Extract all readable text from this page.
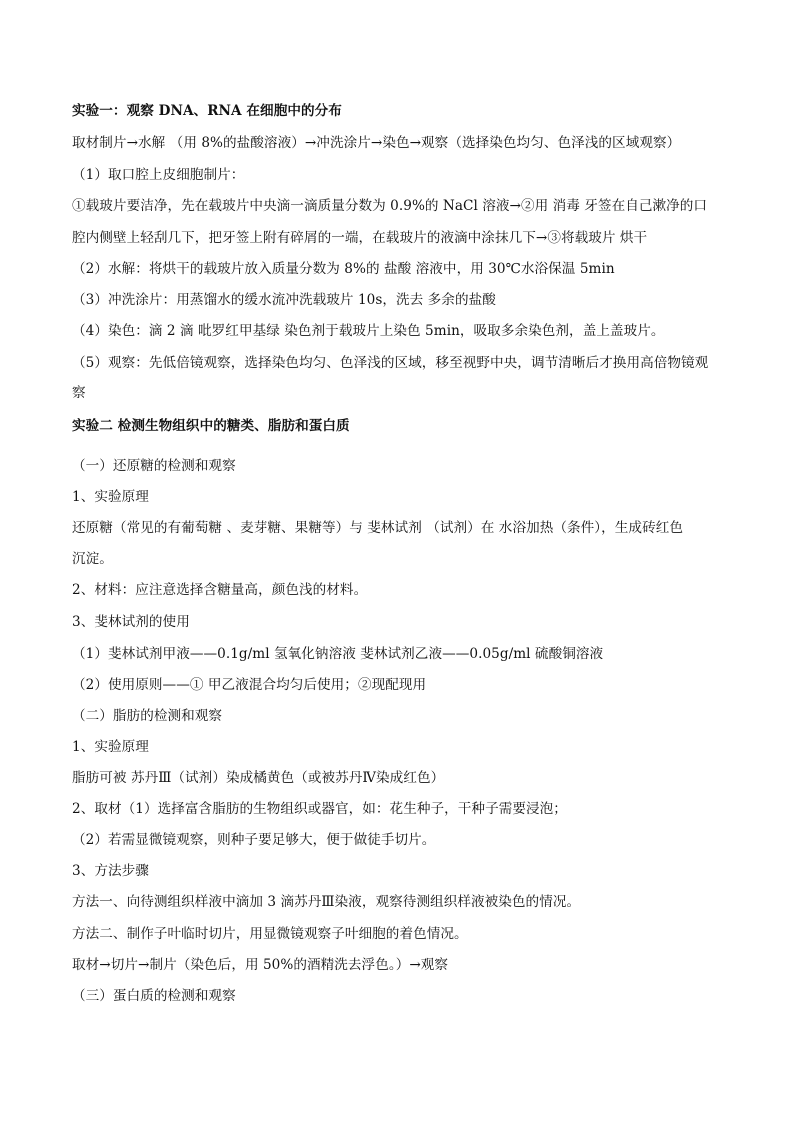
实验一：观察 DNA、RNA 在细胞中的分布
取材制片→水解 （用 8%的盐酸溶液）→冲洗涂片→染色→观察（选择染色均匀、色泽浅的区域观察）
（1）取口腔上皮细胞制片：
①载玻片要洁净，先在载玻片中央滴一滴质量分数为 0.9%的 NaCl 溶液→②用 消毒 牙签在自己漱净的口
腔内侧壁上轻刮几下，把牙签上附有碎屑的一端，在载玻片的液滴中涂抹几下→③将载玻片 烘干
（2）水解：将烘干的载玻片放入质量分数为 8%的 盐酸 溶液中，用 30℃水浴保温 5min
（3）冲洗涂片：用蒸馏水的缓水流冲洗载玻片 10s，洗去 多余的盐酸
（4）染色：滴 2 滴 吡罗红甲基绿 染色剂于载玻片上染色 5min，吸取多余染色剂，盖上盖玻片。
（5）观察：先低倍镜观察，选择染色均匀、色泽浅的区域，移至视野中央，调节清晰后才换用高倍物镜观
察
实验二 检测生物组织中的糖类、脂肪和蛋白质
（一）还原糖的检测和观察
1、实验原理
还原糖（常见的有葡萄糖 、麦芽糖、果糖等）与 斐林试剂 （试剂）在 水浴加热（条件），生成砖红色
沉淀。
2、材料：应注意选择含糖量高，颜色浅的材料。
3、斐林试剂的使用
（1）斐林试剂甲液——0.1g/ml 氢氧化钠溶液 斐林试剂乙液——0.05g/ml 硫酸铜溶液
（2）使用原则——① 甲乙液混合均匀后使用；②现配现用
（二）脂肪的检测和观察
1、实验原理
脂肪可被 苏丹Ⅲ（试剂）染成橘黄色（或被苏丹Ⅳ染成红色）
2、取材（1）选择富含脂肪的生物组织或器官，如：花生种子，干种子需要浸泡；
（2）若需显微镜观察，则种子要足够大，便于做徒手切片。
3、方法步骤
方法一、向待测组织样液中滴加 3 滴苏丹Ⅲ染液，观察待测组织样液被染色的情况。
方法二、制作子叶临时切片，用显微镜观察子叶细胞的着色情况。
取材→切片→制片（染色后，用 50%的酒精洗去浮色。）→观察
（三）蛋白质的检测和观察
